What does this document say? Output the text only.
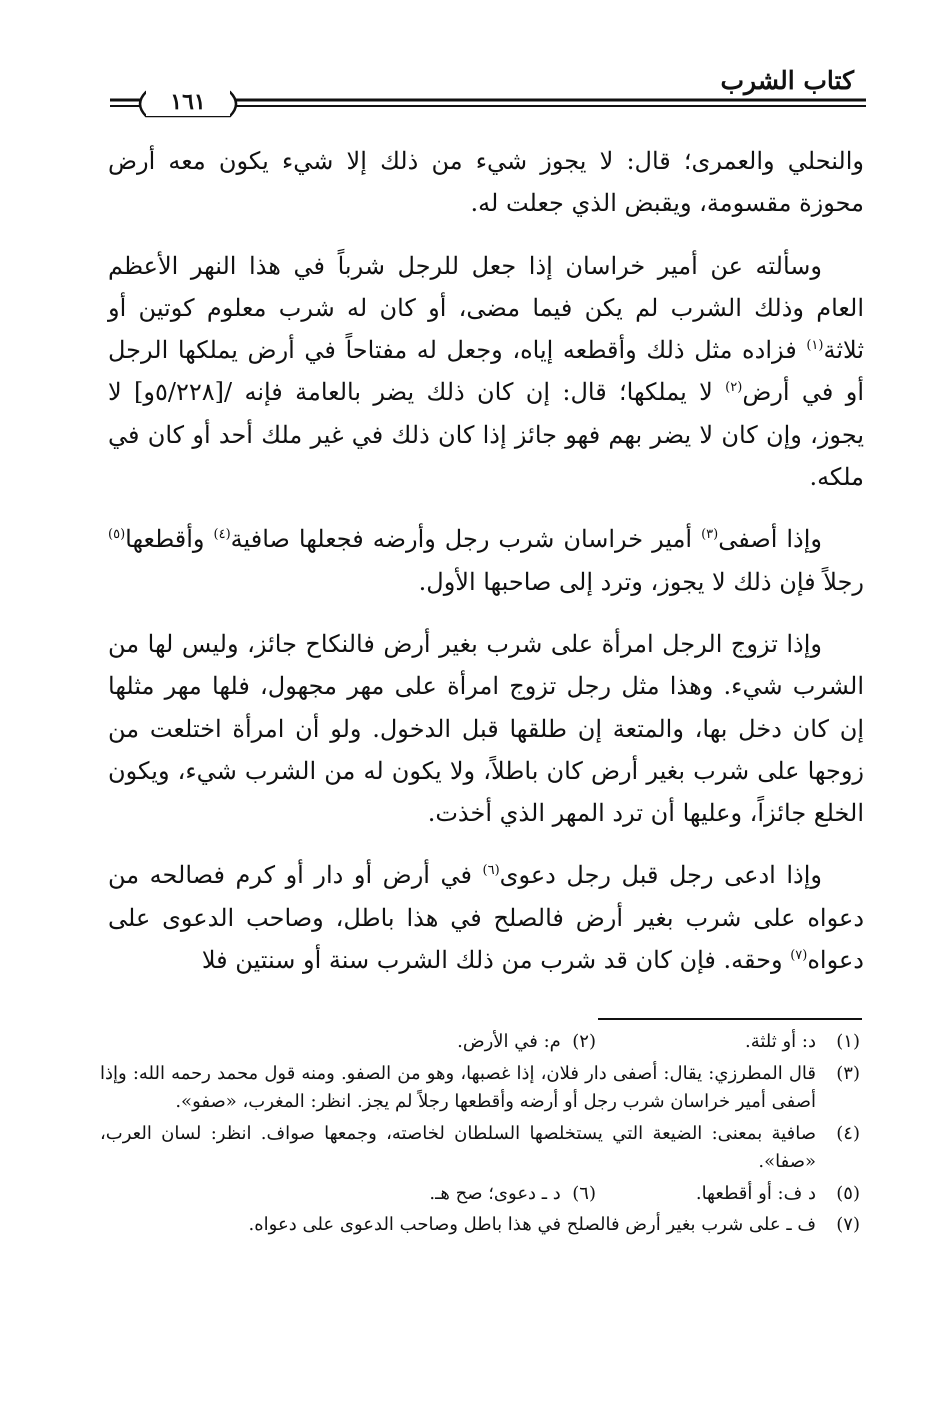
كتاب الشرب
١٦١

والنحلي والعمرى؛ قال: لا يجوز شيء من ذلك إلا شيء يكون معه أرض محوزة مقسومة، ويقبض الذي جعلت له.

وسألته عن أمير خراسان إذا جعل للرجل شرباً في هذا النهر الأعظم العام وذلك الشرب لم يكن فيما مضى، أو كان له شرب معلوم كوتين أو ثلاثة$^{(١)}$ فزاده مثل ذلك وأقطعه إياه، وجعل له مفتاحاً في أرض يملكها الرجل أو في أرض$^{(٢)}$ لا يملكها؛ قال: إن كان ذلك يضر بالعامة فإنه /[٥/٢٢٨و] لا يجوز، وإن كان لا يضر بهم فهو جائز إذا كان ذلك في غير ملك أحد أو كان في ملكه.

وإذا أصفى$^{(٣)}$ أمير خراسان شرب رجل وأرضه فجعلها صافية$^{(٤)}$ وأقطعها$^{(٥)}$ رجلاً فإن ذلك لا يجوز، وترد إلى صاحبها الأول.

وإذا تزوج الرجل امرأة على شرب بغير أرض فالنكاح جائز، وليس لها من الشرب شيء. وهذا مثل رجل تزوج امرأة على مهر مجهول، فلها مهر مثلها إن كان دخل بها، والمتعة إن طلقها قبل الدخول. ولو أن امرأة اختلعت من زوجها على شرب بغير أرض كان باطلاً، ولا يكون له من الشرب شيء، ويكون الخلع جائزاً، وعليها أن ترد المهر الذي أخذت.

وإذا ادعى رجل قبل رجل دعوى$^{(٦)}$ في أرض أو دار أو كرم فصالحه من دعواه على شرب بغير أرض فالصلح في هذا باطل، وصاحب الدعوى على دعواه$^{(٧)}$ وحقه. فإن كان قد شرب من ذلك الشرب سنة أو سنتين فلا

(١)
د: أو ثلثة.(٢)  م: في الأرض.
(٣)
قال المطرزي: يقال: أصفى دار فلان، إذا غصبها، وهو من الصفو. ومنه قول محمد رحمه الله: وإذا أصفى أمير خراسان شرب رجل أو أرضه وأقطعها رجلاً لم يجز. انظر: المغرب، «صفو».
(٤)
صافية بمعنى: الضيعة التي يستخلصها السلطان لخاصته، وجمعها صواف. انظر: لسان العرب، «صفا».
(٥)
د ف: أو أقطعها.(٦)  د ـ دعوى؛ صح هـ.
(٧)
ف ـ على شرب بغير أرض فالصلح في هذا باطل وصاحب الدعوى على دعواه.
